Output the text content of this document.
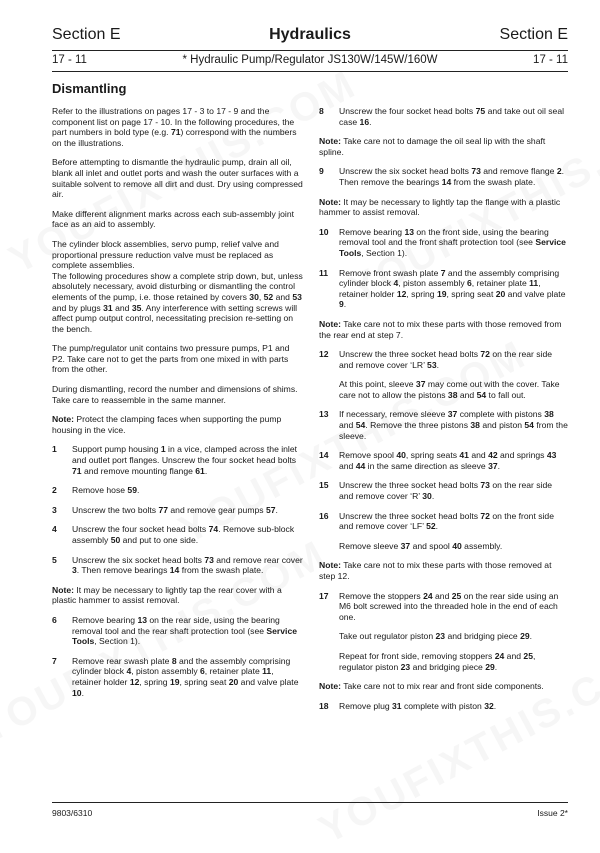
Section E	Hydraulics	Section E
17 - 11	* Hydraulic Pump/Regulator JS130W/145W/160W	17 - 11
Dismantling

Refer to the illustrations on pages 17 - 3 to 17 - 9 and the component list on page 17 - 10. In the following procedures, the part numbers in bold type (e.g. 71) correspond with the numbers on the illustrations.

Before attempting to dismantle the hydraulic pump, drain all oil, blank all inlet and outlet ports and wash the outer surfaces with a suitable solvent to remove all dirt and dust. Dry using compressed air.

Make different alignment marks across each sub-assembly joint face as an aid to assembly.

The cylinder block assemblies, servo pump, relief valve and proportional pressure reduction valve must be replaced as complete assemblies.

The following procedures show a complete strip down, but, unless absolutely necessary, avoid disturbing or dismantling the control elements of the pump, i.e. those retained by covers 30, 52 and 53 and by plugs 31 and 35. Any interference with setting screws will affect pump output control, necessitating precision re-setting on the bench.

The pump/regulator unit contains two pressure pumps, P1 and P2. Take care not to get the parts from one mixed in with parts from the other.

During dismantling, record the number and dimensions of shims. Take care to reassemble in the same manner.

Note: Protect the clamping faces when supporting the pump housing in the vice.

1	Support pump housing 1 in a vice, clamped across the inlet and outlet port flanges. Unscrew the four socket head bolts 71 and remove mounting flange 61.
2	Remove hose 59.
3	Unscrew the two bolts 77 and remove gear pumps 57.
4	Unscrew the four socket head bolts 74. Remove sub-block assembly 50 and put to one side.
5	Unscrew the six socket head bolts 73 and remove rear cover 3. Then remove bearings 14 from the swash plate.

Note: It may be necessary to lightly tap the rear cover with a plastic hammer to assist removal.

6	Remove bearing 13 on the rear side, using the bearing removal tool and the rear shaft protection tool (see Service Tools, Section 1).
7	Remove rear swash plate 8 and the assembly comprising cylinder block 4, piston assembly 6, retainer plate 11, retainer holder 12, spring 19, spring seat 20 and valve plate 10.
8	Unscrew the four socket head bolts 75 and take out oil seal case 16.

Note: Take care not to damage the oil seal lip with the shaft spline.

9	Unscrew the six socket head bolts 73 and remove flange 2. Then remove the bearings 14 from the swash plate.

Note: It may be necessary to lightly tap the flange with a plastic hammer to assist removal.

10	Remove bearing 13 on the front side, using the bearing removal tool and the front shaft protection tool (see Service Tools, Section 1).
11	Remove front swash plate 7 and the assembly comprising cylinder block 4, piston assembly 6, retainer plate 11, retainer holder 12, spring 19, spring seat 20 and valve plate 9.

Note: Take care not to mix these parts with those removed from the rear end at step 7.

12	Unscrew the three socket head bolts 72 on the rear side and remove cover ‘LR’ 53.

At this point, sleeve 37 may come out with the cover. Take care not to allow the pistons 38 and 54 to fall out.

13	If necessary, remove sleeve 37 complete with pistons 38 and 54. Remove the three pistons 38 and piston 54 from the sleeve.
14	Remove spool 40, spring seats 41 and 42 and springs 43 and 44 in the same direction as sleeve 37.
15	Unscrew the three socket head bolts 73 on the rear side and remove cover ‘R’ 30.
16	Unscrew the three socket head bolts 72 on the front side and remove cover ‘LF’ 52.

Remove sleeve 37 and spool 40 assembly.

Note: Take care not to mix these parts with those removed at step 12.

17	Remove the stoppers 24 and 25 on the rear side using an M6 bolt screwed into the threaded hole in the end of each one.

Take out regulator piston 23 and bridging piece 29.

Repeat for front side, removing stoppers 24 and 25, regulator piston 23 and bridging piece 29.

Note: Take care not to mix rear and front side components.

18	Remove plug 31 complete with piston 32.
9803/6310	Issue 2*
